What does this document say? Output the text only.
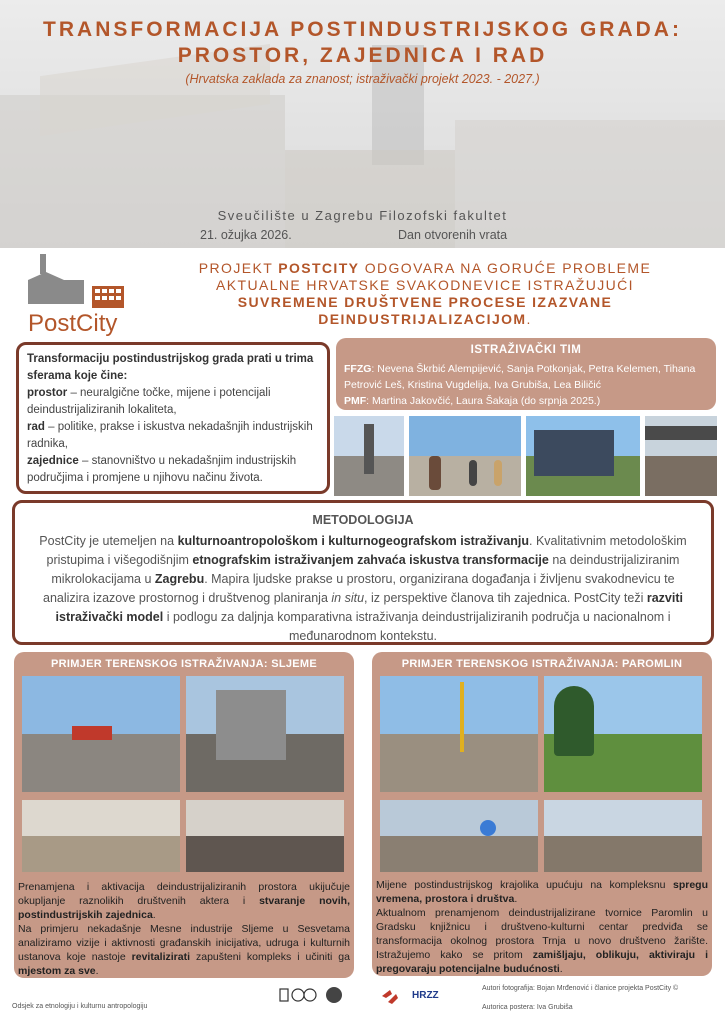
TRANSFORMACIJA POSTINDUSTRIJSKOG GRADA:
PROSTOR, ZAJEDNICA I RAD
(Hrvatska zaklada za znanost; istraživački projekt 2023. - 2027.)
Sveučilište u Zagrebu Filozofski fakultet
21. ožujka 2026.	Dan otvorenih vrata
PostCity
PROJEKT POSTCITY ODGOVARA NA GORUĆE PROBLEME
AKTUALNE HRVATSKE SVAKODNEVICE ISTRAŽUJUĆI
SUVREMENE DRUŠTVENE PROCESE IZAZVANE
DEINDUSTRIJALIZACIJOM.
Transformaciju postindustrijskog grada prati u trima sferama koje čine:
prostor – neuralgične točke, mijene i potencijali deindustrijaliziranih lokaliteta,
rad – politike, prakse i iskustva nekadašnjih industrijskih radnika,
zajednice – stanovništvo u nekadašnjim industrijskih područjima i promjene u njihovu načinu života.
ISTRAŽIVAČKI TIM
FFZG: Nevena Škrbić Alempijević, Sanja Potkonjak, Petra Kelemen, Tihana Petrović Leš, Kristina Vugdelija, Iva Grubiša, Lea Biličić
PMF: Martina Jakovčić, Laura Šakaja (do srpnja 2025.)
METODOLOGIJA
PostCity je utemeljen na kulturnoantropološkom i kulturnogeografskom istraživanju. Kvalitativnim metodološkim pristupima i višegodišnjim etnografskim istraživanjem zahvaća iskustva transformacije na deindustrijaliziranim mikrolokacijama u Zagrebu. Mapira ljudske prakse u prostoru, organizirana događanja i življenu svakodnevicu te analizira izazove prostornog i društvenog planiranja in situ, iz perspektive članova tih zajednica. PostCity teži razviti istraživački model i podlogu za daljnja komparativna istraživanja deindustrijaliziranih područja u nacionalnom i međunarodnom kontekstu.
PRIMJER TERENSKOG ISTRAŽIVANJA: SLJEME
Prenamjena i aktivacija deindustrijaliziranih prostora ukijučuje okupljanje raznolikih društvenih aktera i stvaranje novih, postindustrijskih zajednica.
Na primjeru nekadašnje Mesne industrije Sljeme u Sesvetama analiziramo vizije i aktivnosti građanskih inicijativa, udruga i kulturnih ustanova koje nastoje revitalizirati zapušteni kompleks i učiniti ga mjestom za sve.
PRIMJER TERENSKOG ISTRAŽIVANJA: PAROMLIN
Mijene postindustrijskog krajolika upućuju na kompleksnu spregu vremena, prostora i društva.
Aktualnom prenamjenom deindustrijalizirane tvornice Paromlin u Gradsku knjižnicu i društveno-kulturni centar predviđa se transformacija okolnog prostora Trnja u novo društveno žarište. Istražujemo kako se pritom zamišljaju, oblikuju, aktiviraju i pregovaraju potencijalne budućnosti.
Odsjek za etnologiju i kulturnu antropologiju
HRZZ
Autori fotografija: Bojan Mrđenović i članice projekta PostCity ©
Autorica postera: Iva Grubiša
